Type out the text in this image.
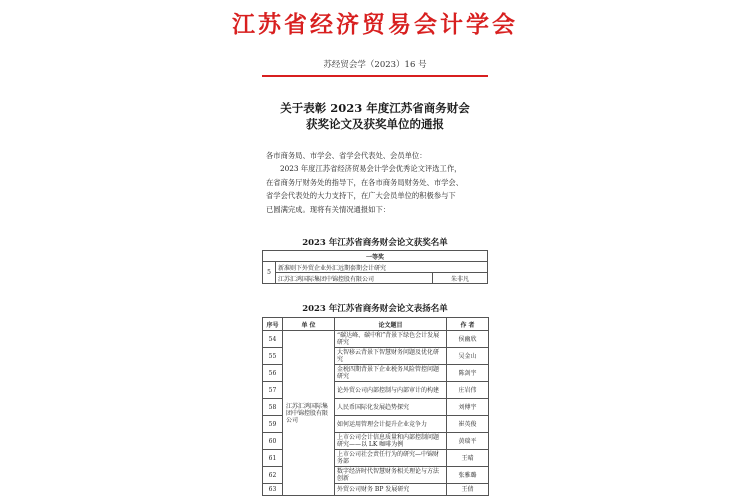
江苏省经济贸易会计学会
苏经贸会学（2023）16 号
关于表彰 2023 年度江苏省商务财会
获奖论文及获奖单位的通报

各市商务局、市学会、省学会代表处、会员单位：

2023 年度江苏省经济贸易会计学会优秀论文评选工作，

在省商务厅财务处的指导下，在各市商务局财务处、市学会、

省学会代表处的大力支持下，在广大会员单位的积极参与下

已圆满完成。现将有关情况通报如下：

2023 年江苏省商务财会论文获奖名单
一等奖		
5	新准则下外贸企业外汇远期套期会计研究	
	江苏汇鸿国际集团中锦控股有限公司	朱非凡
2023 年江苏省商务财会论文表扬名单
序号	单 位	论文题目	作 者
54	江苏汇鸿国际集团中锦控股有限公司	“碳达峰、碳中和”背景下绿色会计发展研究	侯幽欣
55		大智移云背景下智慧财务问题及优化研究	吴金山
56		金税四期背景下企业税务风险管控问题研究	陈剑宇
57		论外贸公司内部控制与内部审计的构建	庄岩伟
58		人民币国际化发展趋势探究	刘傅宇
59		如何运用管理会计提升企业竞争力	崔英俊
60		上市公司会计信息质量和内部控制问题研究——以 LK 咖啡为例	黄瑞平
61		上市公司社会责任行为的研究—中锦财务部	王晴
62		数字经济时代智慧财务相关理论与方法创新	张雅璐
63		外贸公司财务 BP 发展研究	王倩
